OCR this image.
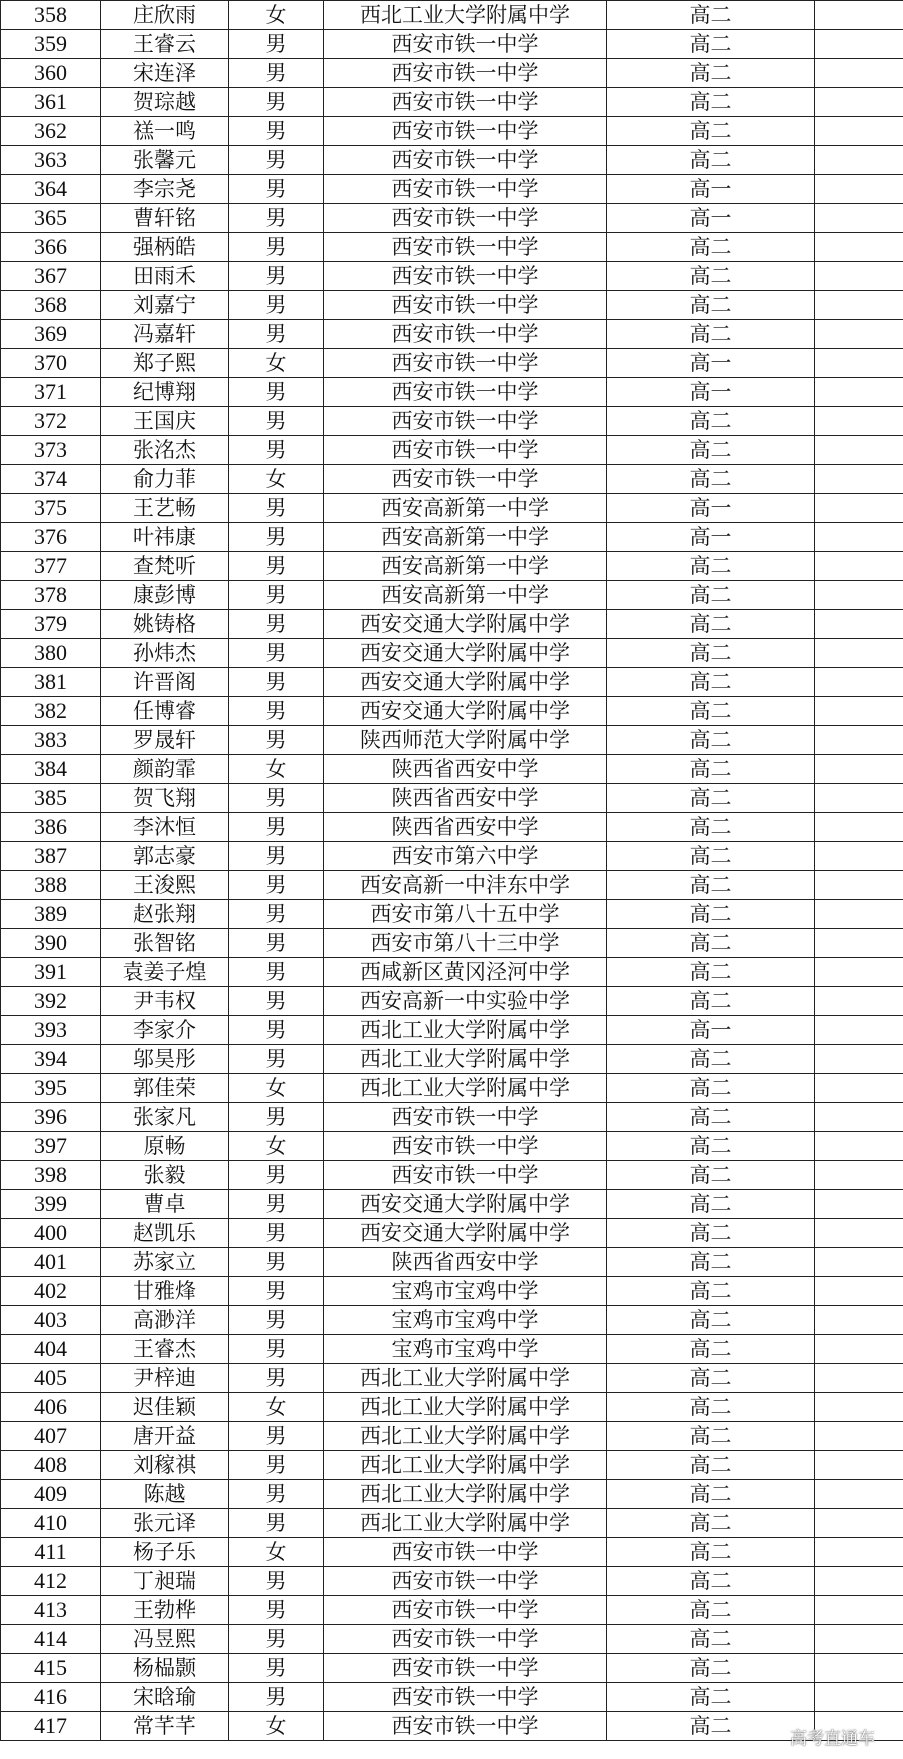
358	庄欣雨	女	西北工业大学附属中学	高二	
359	王睿云	男	西安市铁一中学	高二	
360	宋连泽	男	西安市铁一中学	高二	
361	贺琮越	男	西安市铁一中学	高二	
362	禚一鸣	男	西安市铁一中学	高二	
363	张馨元	男	西安市铁一中学	高二	
364	李宗尧	男	西安市铁一中学	高一	
365	曹轩铭	男	西安市铁一中学	高一	
366	强柄皓	男	西安市铁一中学	高二	
367	田雨禾	男	西安市铁一中学	高二	
368	刘嘉宁	男	西安市铁一中学	高二	
369	冯嘉轩	男	西安市铁一中学	高二	
370	郑子熙	女	西安市铁一中学	高一	
371	纪博翔	男	西安市铁一中学	高一	
372	王国庆	男	西安市铁一中学	高二	
373	张洺杰	男	西安市铁一中学	高二	
374	俞力菲	女	西安市铁一中学	高二	
375	王艺畅	男	西安高新第一中学	高一	
376	叶祎康	男	西安高新第一中学	高一	
377	查梵听	男	西安高新第一中学	高二	
378	康彭博	男	西安高新第一中学	高二	
379	姚铸格	男	西安交通大学附属中学	高二	
380	孙炜杰	男	西安交通大学附属中学	高二	
381	许晋阁	男	西安交通大学附属中学	高二	
382	任博睿	男	西安交通大学附属中学	高二	
383	罗晟轩	男	陕西师范大学附属中学	高二	
384	颜韵霏	女	陕西省西安中学	高二	
385	贺飞翔	男	陕西省西安中学	高二	
386	李沐恒	男	陕西省西安中学	高二	
387	郭志豪	男	西安市第六中学	高二	
388	王浚熙	男	西安高新一中沣东中学	高二	
389	赵张翔	男	西安市第八十五中学	高二	
390	张智铭	男	西安市第八十三中学	高二	
391	袁姜子煌	男	西咸新区黄冈泾河中学	高二	
392	尹韦权	男	西安高新一中实验中学	高二	
393	李家介	男	西北工业大学附属中学	高一	
394	邬昊彤	男	西北工业大学附属中学	高二	
395	郭佳荣	女	西北工业大学附属中学	高二	
396	张家凡	男	西安市铁一中学	高二	
397	原畅	女	西安市铁一中学	高二	
398	张毅	男	西安市铁一中学	高二	
399	曹卓	男	西安交通大学附属中学	高二	
400	赵凯乐	男	西安交通大学附属中学	高二	
401	苏家立	男	陕西省西安中学	高二	
402	甘雅烽	男	宝鸡市宝鸡中学	高二	
403	高渺洋	男	宝鸡市宝鸡中学	高二	
404	王睿杰	男	宝鸡市宝鸡中学	高二	
405	尹梓迪	男	西北工业大学附属中学	高二	
406	迟佳颖	女	西北工业大学附属中学	高二	
407	唐开益	男	西北工业大学附属中学	高二	
408	刘稼祺	男	西北工业大学附属中学	高二	
409	陈越	男	西北工业大学附属中学	高二	
410	张元译	男	西北工业大学附属中学	高二	
411	杨子乐	女	西安市铁一中学	高二	
412	丁昶瑞	男	西安市铁一中学	高二	
413	王勃桦	男	西安市铁一中学	高二	
414	冯昱熙	男	西安市铁一中学	高二	
415	杨榀颢	男	西安市铁一中学	高二	
416	宋晗瑜	男	西安市铁一中学	高二	
417	常芊芊	女	西安市铁一中学	高二	
高考直通车
